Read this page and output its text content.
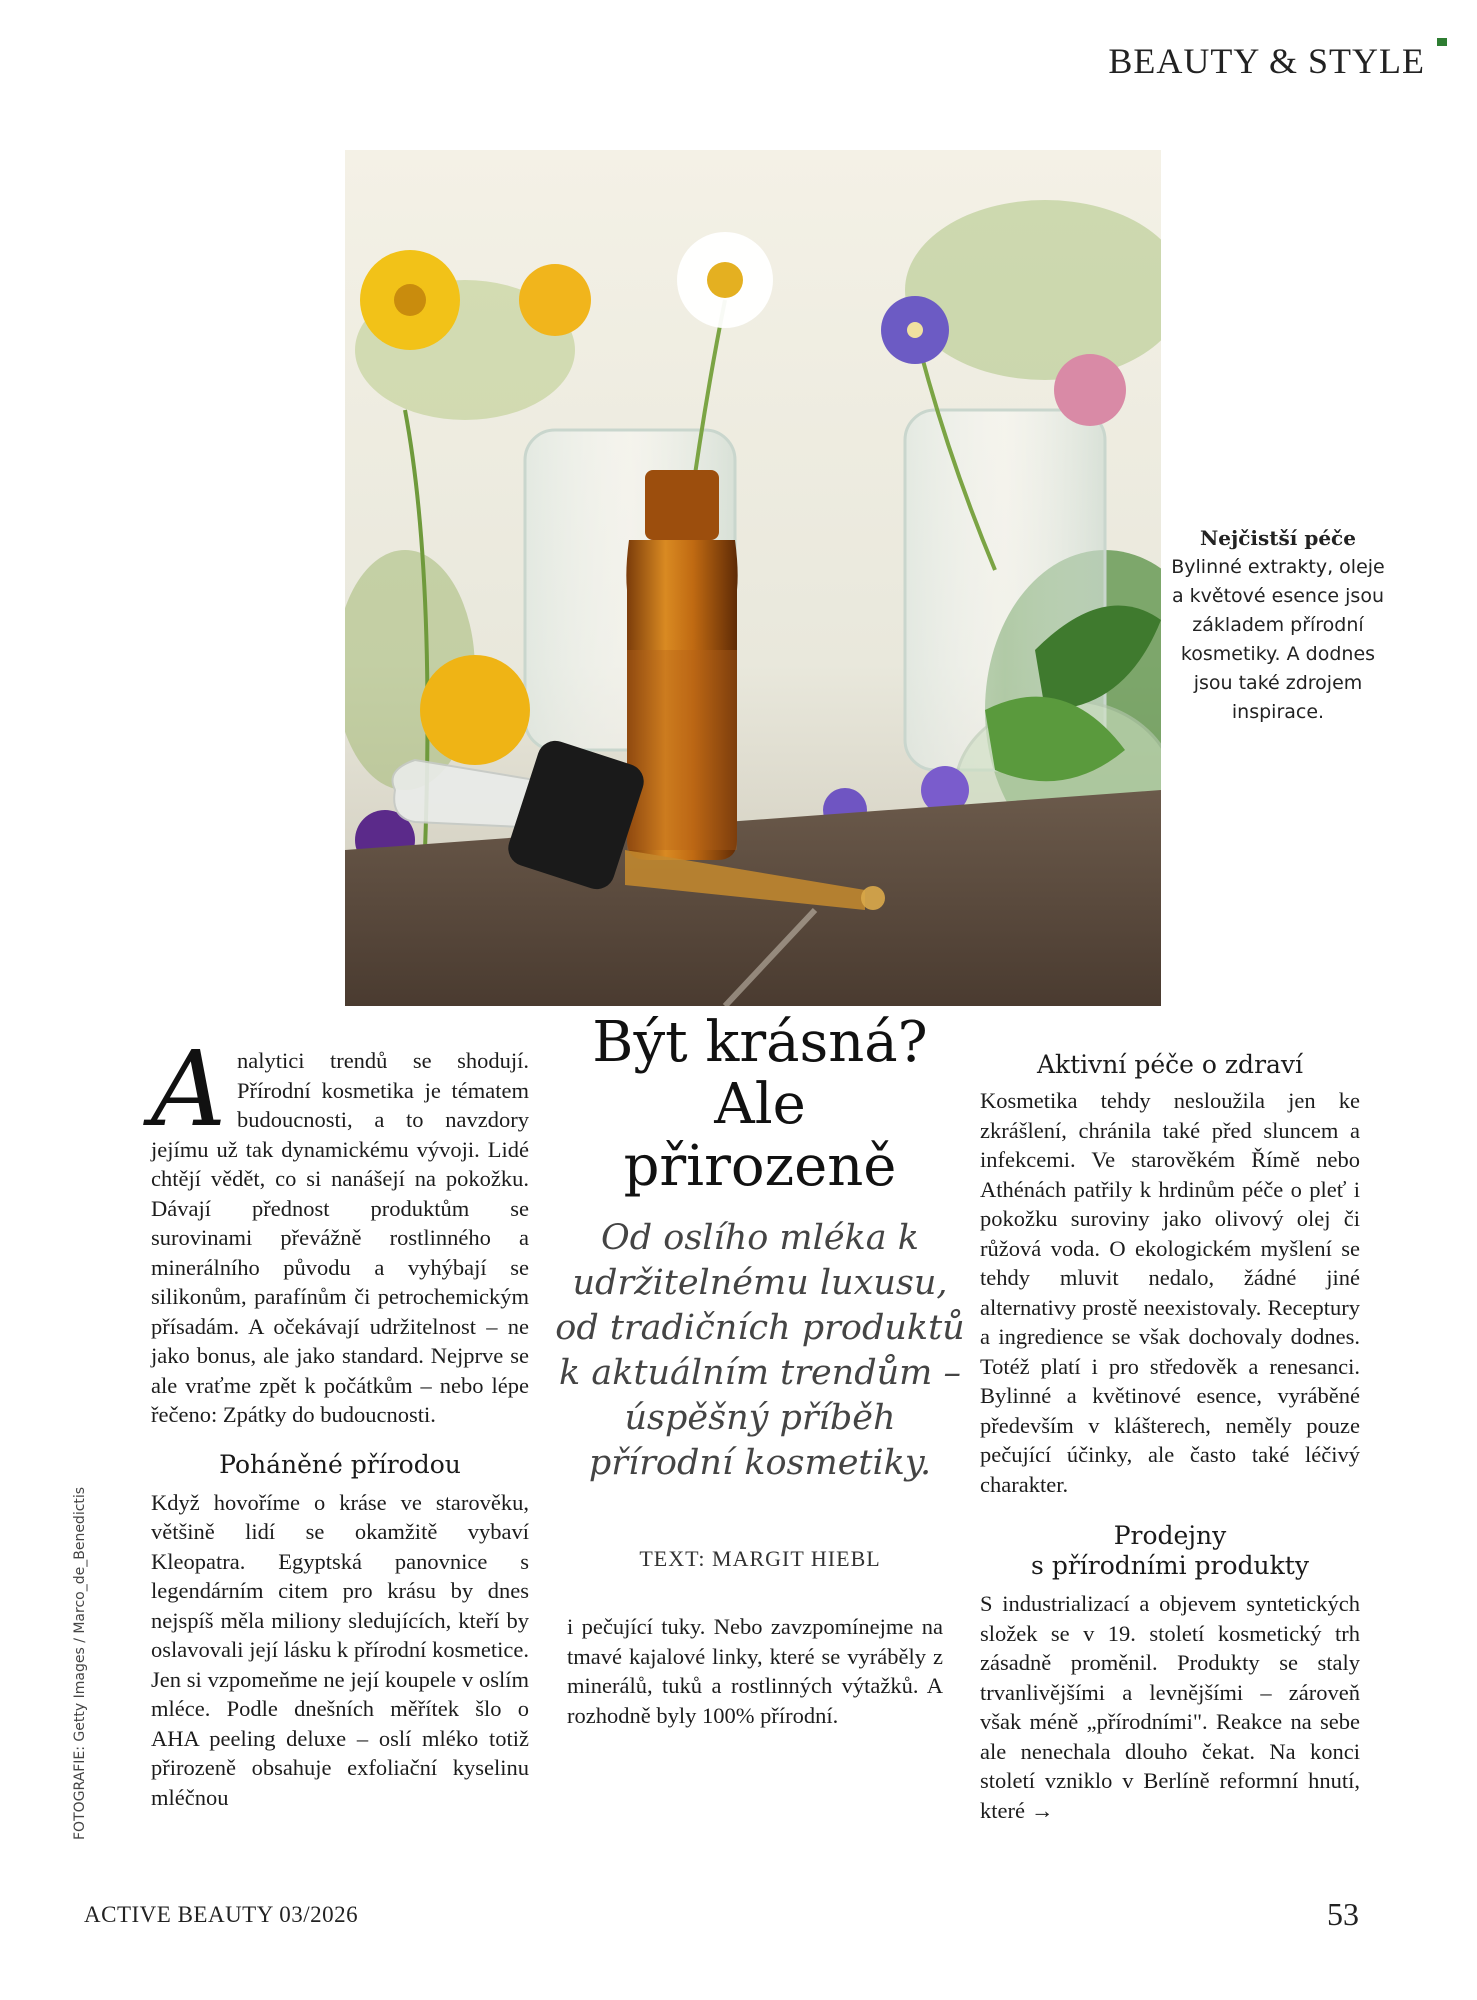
BEAUTY & STYLE
Nejčistší péče
Bylinné extrakty, oleje a květové esence jsou základem přírodní kosmetiky. A dodnes jsou také zdrojem inspirace.

Analytici trendů se shodují. Přírodní kosmetika je tématem budoucnosti, a to navzdory jejímu už tak dynamickému vývoji. Lidé chtějí vědět, co si nanášejí na pokožku. Dávají přednost produktům se surovinami převážně rostlinného a minerálního původu a vyhýbají se silikonům, parafínům či petrochemickým přísadám. A očekávají udržitelnost – ne jako bonus, ale jako standard. Nejprve se ale vraťme zpět k počátkům – nebo lépe řečeno: Zpátky do budoucnosti.

Poháněné přírodou

Když hovoříme o kráse ve starověku, většině lidí se okamžitě vybaví Kleopatra. Egyptská panovnice s legendárním citem pro krásu by dnes nejspíš měla miliony sledujících, kteří by oslavovali její lásku k přírodní kosmetice. Jen si vzpomeňme ne její koupele v oslím mléce. Podle dnešních měřítek šlo o AHA peeling deluxe – oslí mléko totiž přirozeně obsahuje exfoliační kyselinu mléčnou

Být krásná?
Ale
přirozeně
Od oslího mléka k udržitelnému luxusu, od tradičních produktů k aktuálním trendům – úspěšný příběh přírodní kosmetiky.
TEXT: MARGIT HIEBL

i pečující tuky. Nebo zavzpomínejme na tmavé kajalové linky, které se vyráběly z minerálů, tuků a rostlinných výtažků. A rozhodně byly 100% přírodní.

Aktivní péče o zdraví

Kosmetika tehdy nesloužila jen ke zkrášlení, chránila také před sluncem a infekcemi. Ve starověkém Římě nebo Athénách patřily k hrdinům péče o pleť i pokožku suroviny jako olivový olej či růžová voda. O ekologickém myšlení se tehdy mluvit nedalo, žádné jiné alternativy prostě neexistovaly. Receptury a ingredience se však dochovaly dodnes. Totéž platí i pro středověk a renesanci. Bylinné a květinové esence, vyráběné především v klášterech, neměly pouze pečující účinky, ale často také léčivý charakter.

Prodejny
s přírodními produkty

S industrializací a objevem syntetických složek se v 19. století kosmetický trh zásadně proměnil. Produkty se staly trvanlivějšími a levnějšími – zároveň však méně „přírodními". Reakce na sebe ale nenechala dlouho čekat. Na konci století vzniklo v Berlíně reformní hnutí, které →

FOTOGRAFIE: Getty Images / Marco_de_Benedictis
ACTIVE BEAUTY 03/2026	53
